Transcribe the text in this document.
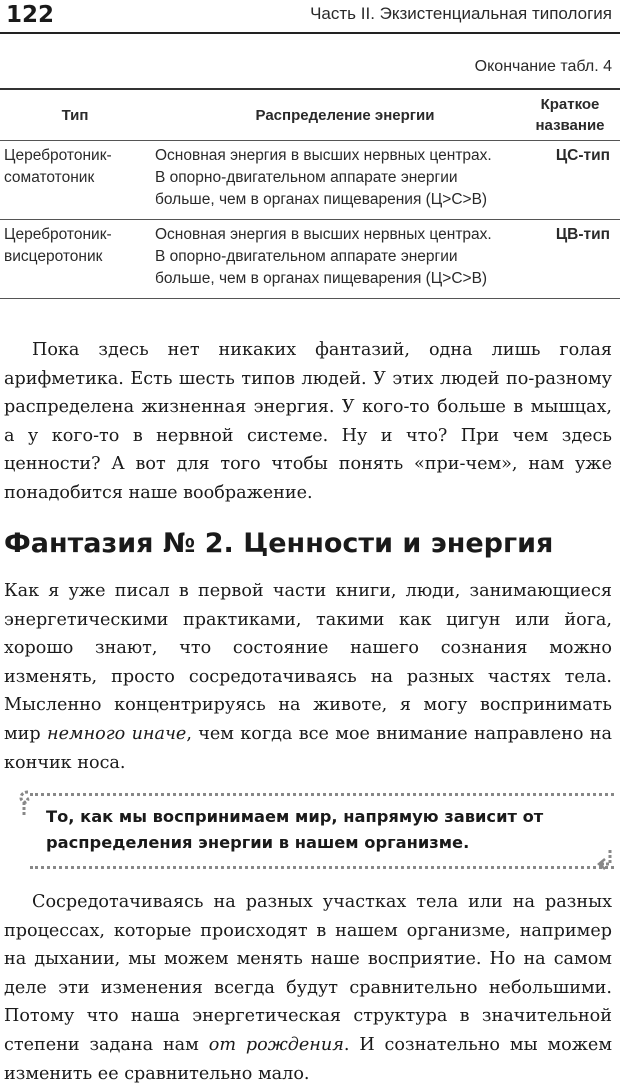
122	Часть II. Экзистенциальная типология
Окончание табл. 4
Тип	Распределение энергии
Краткое
название
Церебротоник-
соматотоник
Основная энергия в высших нервных центрах.
В опорно-двигательном аппарате энергии
больше, чем в органах пищеварения (Ц>С>В)
ЦС-тип
Церебротоник-
висцеротоник
Основная энергия в высших нервных центрах.
В опорно-двигательном аппарате энергии
больше, чем в органах пищеварения (Ц>С>В)
ЦВ-тип

Пока здесь нет никаких фантазий, одна лишь голая арифметика. Есть шесть типов людей. У этих людей по-разному распределена жизненная энергия. У кого-то больше в мышцах, а у кого-то в нервной системе. Ну и что? При чем здесь ценности? А вот для того чтобы понять «при-чем», нам уже понадобится наше воображение.

Фантазия № 2. Ценности и энергия

Как я уже писал в первой части книги, люди, занимающиеся энергетическими практиками, такими как цигун или йога, хорошо знают, что состояние нашего сознания можно изменять, просто сосредотачиваясь на разных частях тела. Мысленно концентрируясь на животе, я могу воспринимать мир немного иначе, чем когда все мое внимание направлено на кончик носа.

То, как мы воспринимаем мир, напрямую зависит от распределения энергии в нашем организме.

Сосредотачиваясь на разных участках тела или на разных процессах, которые происходят в нашем организме, например на дыхании, мы можем менять наше восприятие. Но на самом деле эти изменения всегда будут сравнительно небольшими. Потому что наша энергетическая структура в значительной степени задана нам от рождения. И сознательно мы можем изменить ее сравнительно мало.
